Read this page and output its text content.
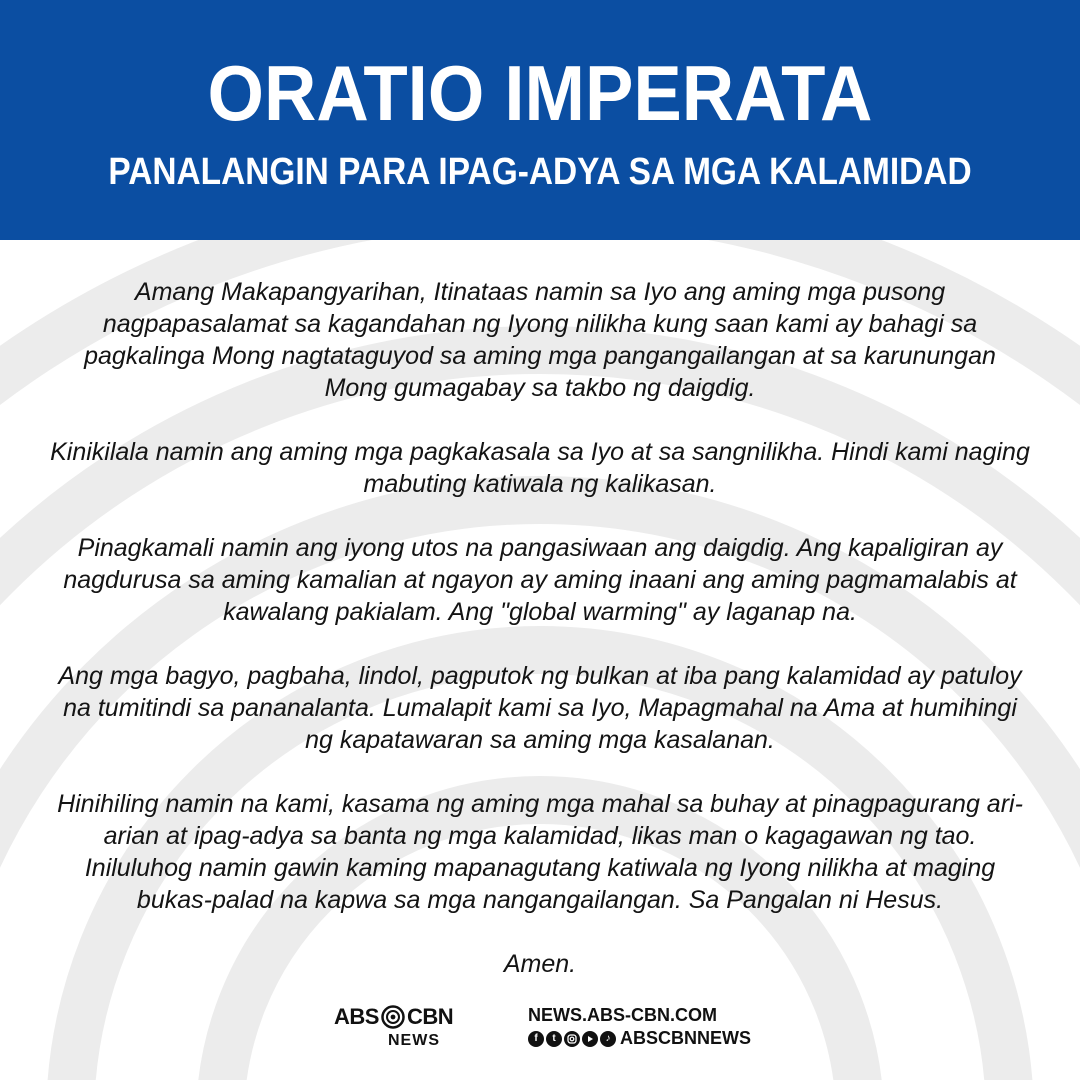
ORATIO IMPERATA
PANALANGIN PARA IPAG-ADYA SA MGA KALAMIDAD

Amang Makapangyarihan, Itinataas namin sa Iyo ang aming mga pusong
nagpapasalamat sa kagandahan ng Iyong nilikha kung saan kami ay bahagi sa
pagkalinga Mong nagtataguyod sa aming mga pangangailangan at sa karunungan
Mong gumagabay sa takbo ng daigdig.

Kinikilala namin ang aming mga pagkakasala sa Iyo at sa sangnilikha. Hindi kami naging
mabuting katiwala ng kalikasan.

Pinagkamali namin ang iyong utos na pangasiwaan ang daigdig. Ang kapaligiran ay
nagdurusa sa aming kamalian at ngayon ay aming inaani ang aming pagmamalabis at
kawalang pakialam. Ang "global warming" ay laganap na.

Ang mga bagyo, pagbaha, lindol, pagputok ng bulkan at iba pang kalamidad ay patuloy
na tumitindi sa pananalanta. Lumalapit kami sa Iyo, Mapagmahal na Ama at humihingi
ng kapatawaran sa aming mga kasalanan.

Hinihiling namin na kami, kasama ng aming mga mahal sa buhay at pinagpagurang ari-
arian at ipag-adya sa banta ng mga kalamidad, likas man o kagagawan ng tao.
Iniluluhog namin gawin kaming mapanagutang katiwala ng Iyong nilikha at maging
bukas-palad na kapwa sa mga nangangailangan. Sa Pangalan ni Hesus.

Amen.

ABS CBN
NEWS
NEWS.ABS-CBN.COM
f	t	♪ ABSCBNNEWS
